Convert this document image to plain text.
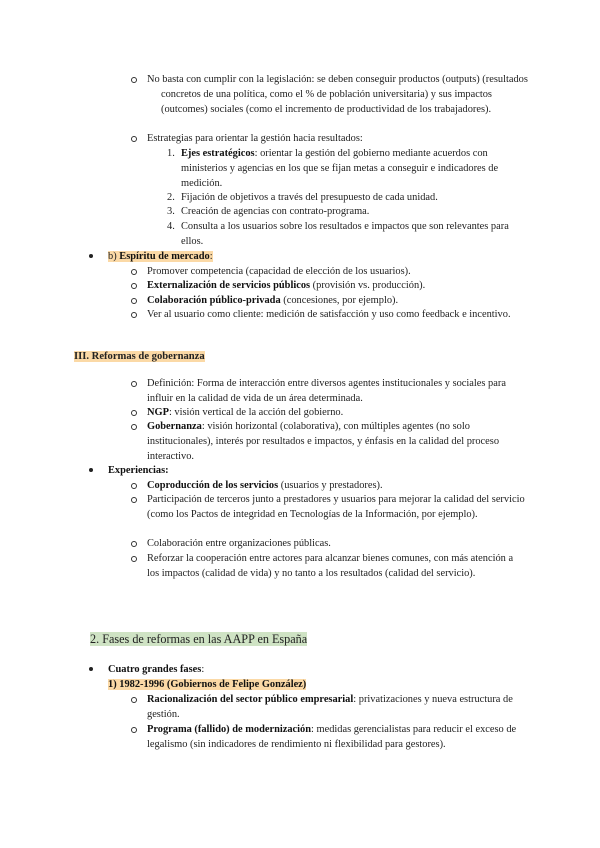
No basta con cumplir con la legislación: se deben conseguir productos (outputs) (resultados concretos de una política, como el % de población universitaria) y sus impactos (outcomes) sociales (como el incremento de productividad de los trabajadores).
Estrategias para orientar la gestión hacia resultados:
1. Ejes estratégicos: orientar la gestión del gobierno mediante acuerdos con ministerios y agencias en los que se fijan metas a conseguir e indicadores de medición.
2. Fijación de objetivos a través del presupuesto de cada unidad.
3. Creación de agencias con contrato-programa.
4. Consulta a los usuarios sobre los resultados e impactos que son relevantes para ellos.
b) Espíritu de mercado:
Promover competencia (capacidad de elección de los usuarios).
Externalización de servicios públicos (provisión vs. producción).
Colaboración público-privada (concesiones, por ejemplo).
Ver al usuario como cliente: medición de satisfacción y uso como feedback e incentivo.
III. Reformas de gobernanza
Definición: Forma de interacción entre diversos agentes institucionales y sociales para influir en la calidad de vida de un área determinada.
NGP: visión vertical de la acción del gobierno.
Gobernanza: visión horizontal (colaborativa), con múltiples agentes (no solo institucionales), interés por resultados e impactos, y énfasis en la calidad del proceso interactivo.
Experiencias:
Coproducción de los servicios (usuarios y prestadores).
Participación de terceros junto a prestadores y usuarios para mejorar la calidad del servicio (como los Pactos de integridad en Tecnologías de la Información, por ejemplo).
Colaboración entre organizaciones públicas.
Reforzar la cooperación entre actores para alcanzar bienes comunes, con más atención a los impactos (calidad de vida) y no tanto a los resultados (calidad del servicio).
2. Fases de reformas en las AAPP en España
Cuatro grandes fases:
1) 1982-1996 (Gobiernos de Felipe González)
Racionalización del sector público empresarial: privatizaciones y nueva estructura de gestión.
Programa (fallido) de modernización: medidas gerencialistas para reducir el exceso de legalismo (sin indicadores de rendimiento ni flexibilidad para gestores).
